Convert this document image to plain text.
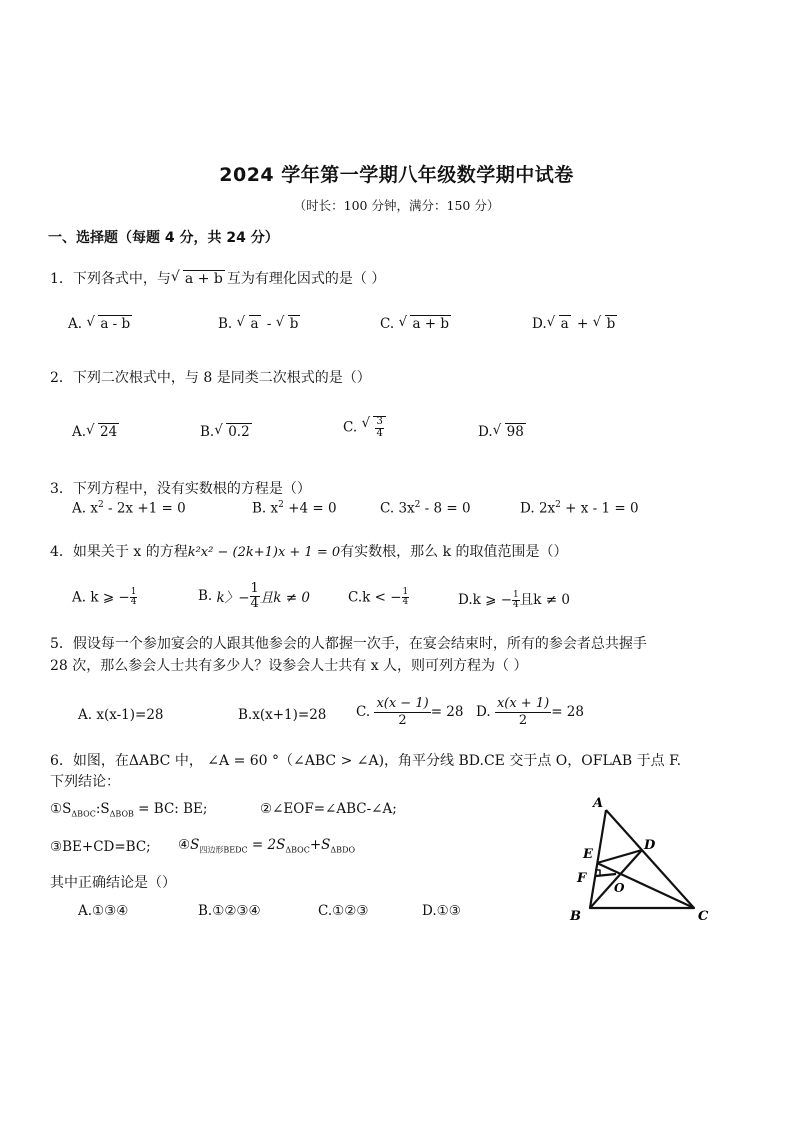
2024 学年第一学期八年级数学期中试卷
（时长：100 分钟，满分：150 分）
一、选择题（每题 4 分，共 24 分）
1．下列各式中，与 √ a + b 互为有理化因式的是（ ）
A. √ a - b	B. √ a - √ b	C. √ a + b	D. √ a + √ b
2．下列二次根式中，与 8 是同类二次根式的是（）
A. √ 24	B. √ 0.2	C. √ $\frac{3}{4}$	D. √ 98
3．下列方程中，没有实数根的方程是（）
A. $x^2 - 2x +1 = 0$	B. $x^2 +4 = 0$	C. $3x^2 - 8 = 0$	D. $2x^2 + x - 1 = 0$
4．如果关于 x 的方程k²x² − (2k+1)x + 1 = 0有实数根，那么 k 的取值范围是（）
A. k ⩾ − $\frac{1}{4}$	B. k〉− $\frac{1}{4}$ 且k ≠ 0	C.k < − $\frac{1}{4}$	D.k ⩾ − $\frac{1}{4}$ 且k ≠ 0
5．假设每一个参加宴会的人跟其他参会的人都握一次手，在宴会结束时，所有的参会者总共握手
28 次，那么参会人士共有多少人？设参会人士共有 x 人，则可列方程为（ ）
A. x(x-1)=28	B.x(x+1)=28 C. $\frac{x(x - 1)}{2} = 28$ D. $\frac{x(x + 1)}{2} = 28$
6．如图，在ΔABC 中， ∠A = 60 °（∠ABC > ∠A)，角平分线 BD.CE 交于点 O，OFLAB 于点 F.
下列结论：
$①S_{\Delta BOC}:S_{\Delta BOB}$ = BC: BE;	②∠EOF=∠ABC-∠A;
③BE+CD=BC; $④S_{四边形BEDC} = 2S_{\Delta BOC}+S_{\Delta BDO}$
其中正确结论是（）
A.①③④	B.①②③④	C.①②③	D.①③
A
D
E
F
O
B	C
